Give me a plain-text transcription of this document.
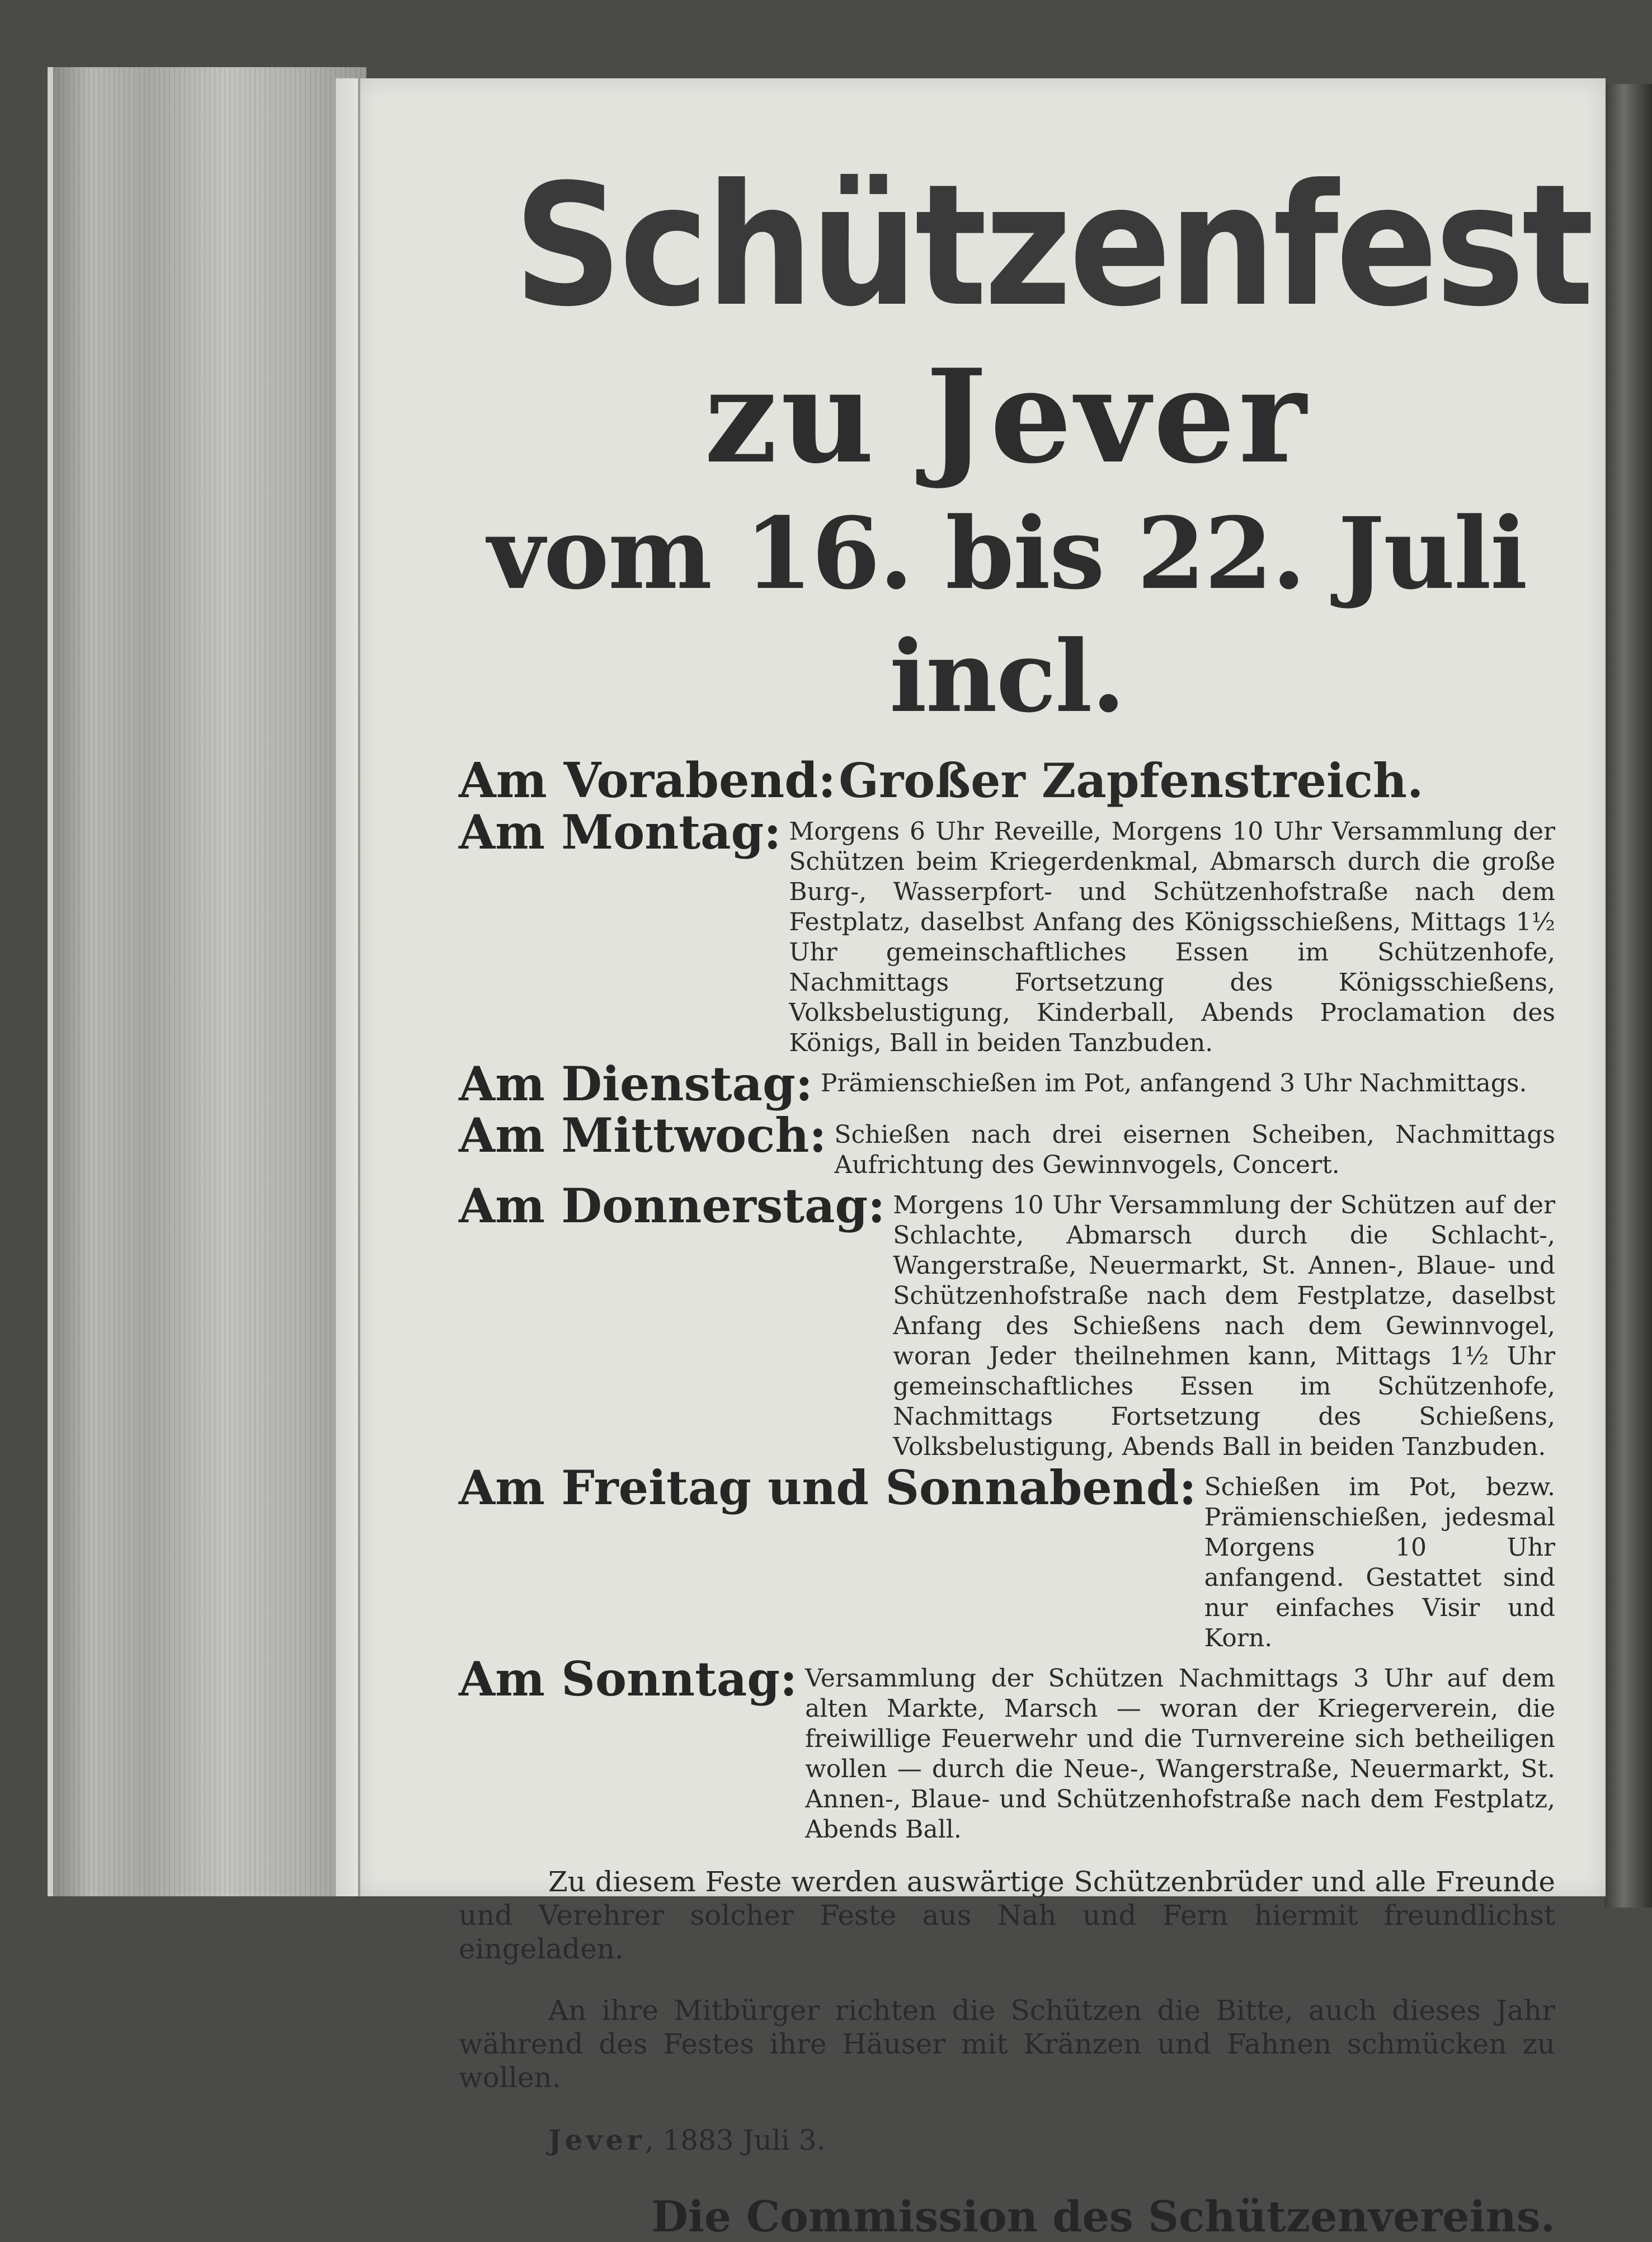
Schützenfest
zu Jever
vom 16. bis 22. Juli incl.
Am Vorabend: Großer Zapfenstreich.
Am Montag: Morgens 6 Uhr Reveille, Morgens 10 Uhr Versammlung der Schützen beim Kriegerdenkmal, Abmarsch durch die große Burg-, Wasserpfort- und Schützenhofstraße nach dem Festplatz, daselbst Anfang des Königsschießens, Mittags 1½ Uhr gemeinschaftliches Essen im Schützenhofe, Nachmittags Fortsetzung des Königsschießens, Volksbelustigung, Kinderball, Abends Proclamation des Königs, Ball in beiden Tanzbuden.
Am Dienstag: Prämienschießen im Pot, anfangend 3 Uhr Nachmittags.
Am Mittwoch: Schießen nach drei eisernen Scheiben, Nachmittags Aufrichtung des Gewinnvogels, Concert.
Am Donnerstag: Morgens 10 Uhr Versammlung der Schützen auf der Schlachte, Abmarsch durch die Schlacht-, Wangerstraße, Neuermarkt, St. Annen-, Blaue- und Schützenhofstraße nach dem Festplatze, daselbst Anfang des Schießens nach dem Gewinnvogel, woran Jeder theilnehmen kann, Mittags 1½ Uhr gemeinschaftliches Essen im Schützenhofe, Nachmittags Fortsetzung des Schießens, Volksbelustigung, Abends Ball in beiden Tanzbuden.
Am Freitag und Sonnabend: Schießen im Pot, bezw. Prämienschießen, jedesmal Morgens 10 Uhr anfangend. Gestattet sind nur einfaches Visir und Korn.
Am Sonntag: Versammlung der Schützen Nachmittags 3 Uhr auf dem alten Markte, Marsch — woran der Kriegerverein, die freiwillige Feuerwehr und die Turnvereine sich betheiligen wollen — durch die Neue-, Wangerstraße, Neuermarkt, St. Annen-, Blaue- und Schützenhofstraße nach dem Festplatz, Abends Ball.

Zu diesem Feste werden auswärtige Schützenbrüder und alle Freunde und Verehrer solcher Feste aus Nah und Fern hiermit freundlichst eingeladen.

An ihre Mitbürger richten die Schützen die Bitte, auch dieses Jahr während des Festes ihre Häuser mit Kränzen und Fahnen schmücken zu wollen.

Jever, 1883 Juli 3.
Die Commission des Schützenvereins.
